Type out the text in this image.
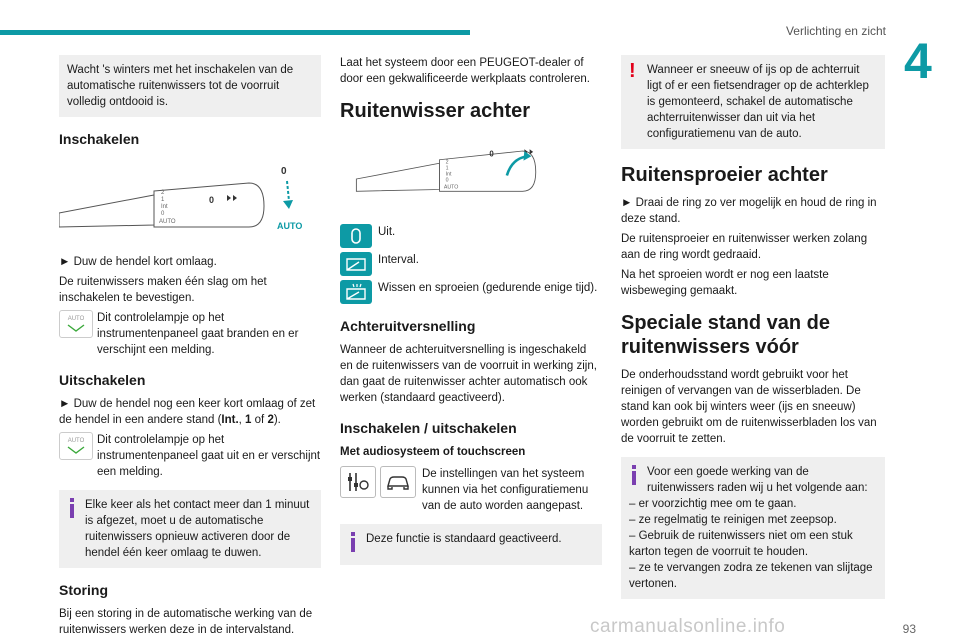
Verlichting en zicht
4
Wacht 's winters met het inschakelen van de automatische ruitenwissers tot de voorruit volledig ontdooid is.
Inschakelen
2
1
Int
0
AUTO
0
0
AUTO

► Duw de hendel kort omlaag.

De ruitenwissers maken één slag om het inschakelen te bevestigen.

AUTO Dit controlelampje op het instrumentenpaneel gaat branden en er verschijnt een melding.
Uitschakelen

► Duw de hendel nog een keer kort omlaag of zet de hendel in een andere stand (Int., 1 of 2).

AUTO Dit controlelampje op het instrumentenpaneel gaat uit en er verschijnt een melding.
Elke keer als het contact meer dan 1 minuut is afgezet, moet u de automatische ruitenwissers opnieuw activeren door de hendel één keer omlaag te duwen.
Storing

Bij een storing in de automatische werking van de ruitenwissers werken deze in de intervalstand.

Laat het systeem door een PEUGEOT-dealer of door een gekwalificeerde werkplaats controleren.

Ruitenwisser achter
2
1
Int
0
AUTO
0
Uit.
Interval.
Wissen en sproeien (gedurende enige tijd).
Achteruitversnelling

Wanneer de achteruitversnelling is ingeschakeld en de ruitenwissers van de voorruit in werking zijn, dan gaat de ruitenwisser achter automatisch ook werken (standaard geactiveerd).

Inschakelen / uitschakelen

Met audiosysteem of touchscreen

De instellingen van het systeem kunnen via het configuratiemenu van de auto worden aangepast.
Deze functie is standaard geactiveerd.
! Wanneer er sneeuw of ijs op de achterruit ligt of er een fietsendrager op de achterklep is gemonteerd, schakel de automatische achterruitenwisser dan uit via het configuratiemenu van de auto.
Ruitensproeier achter

► Draai de ring zo ver mogelijk en houd de ring in deze stand.

De ruitensproeier en ruitenwisser werken zolang aan de ring wordt gedraaid.

Na het sproeien wordt er nog een laatste wisbeweging gemaakt.

Speciale stand van de ruitenwissers vóór

De onderhoudsstand wordt gebruikt voor het reinigen of vervangen van de wisserbladen. De stand kan ook bij winters weer (ijs en sneeuw) worden gebruikt om de ruitenwisserbladen los van de voorruit te zetten.

Voor een goede werking van de ruitenwissers raden wij u het volgende aan:
– er voorzichtig mee om te gaan.
– ze regelmatig te reinigen met zeepsop.
– Gebruik de ruitenwissers niet om een stuk karton tegen de voorruit te houden.
– ze te vervangen zodra ze tekenen van slijtage vertonen.
carmanualsonline.info	93
